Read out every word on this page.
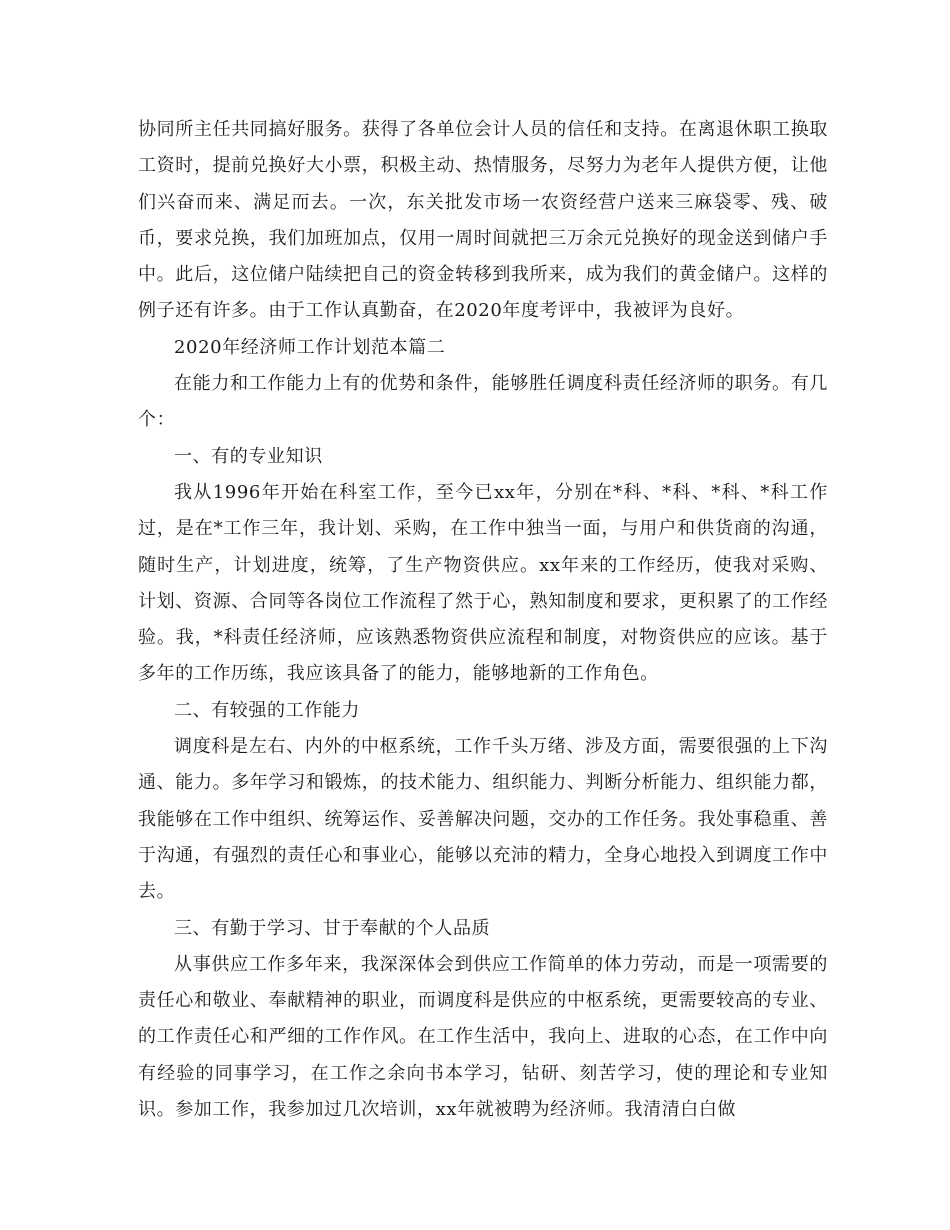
协同所主任共同搞好服务。获得了各单位会计人员的信任和支持。在离退休职工换取工资时，提前兑换好大小票，积极主动、热情服务，尽努力为老年人提供方便，让他们兴奋而来、满足而去。一次，东关批发市场一农资经营户送来三麻袋零、残、破币，要求兑换，我们加班加点，仅用一周时间就把三万余元兑换好的现金送到储户手中。此后，这位储户陆续把自己的资金转移到我所来，成为我们的黄金储户。这样的例子还有许多。由于工作认真勤奋，在2020年度考评中，我被评为良好。

2020年经济师工作计划范本篇二

在能力和工作能力上有的优势和条件，能够胜任调度科责任经济师的职务。有几个：

一、有的专业知识

我从1996年开始在科室工作，至今已xx年，分别在*科、*科、*科、*科工作过，是在*工作三年，我计划、采购，在工作中独当一面，与用户和供货商的沟通，随时生产，计划进度，统筹，了生产物资供应。xx年来的工作经历，使我对采购、计划、资源、合同等各岗位工作流程了然于心，熟知制度和要求，更积累了的工作经验。我，*科责任经济师，应该熟悉物资供应流程和制度，对物资供应的应该。基于多年的工作历练，我应该具备了的能力，能够地新的工作角色。

二、有较强的工作能力

调度科是左右、内外的中枢系统，工作千头万绪、涉及方面，需要很强的上下沟通、能力。多年学习和锻炼，的技术能力、组织能力、判断分析能力、组织能力都，我能够在工作中组织、统筹运作、妥善解决问题，交办的工作任务。我处事稳重、善于沟通，有强烈的责任心和事业心，能够以充沛的精力，全身心地投入到调度工作中去。

三、有勤于学习、甘于奉献的个人品质

从事供应工作多年来，我深深体会到供应工作简单的体力劳动，而是一项需要的责任心和敬业、奉献精神的职业，而调度科是供应的中枢系统，更需要较高的专业、的工作责任心和严细的工作作风。在工作生活中，我向上、进取的心态，在工作中向有经验的同事学习，在工作之余向书本学习，钻研、刻苦学习，使的理论和专业知识。参加工作，我参加过几次培训，xx年就被聘为经济师。我清清白白做
